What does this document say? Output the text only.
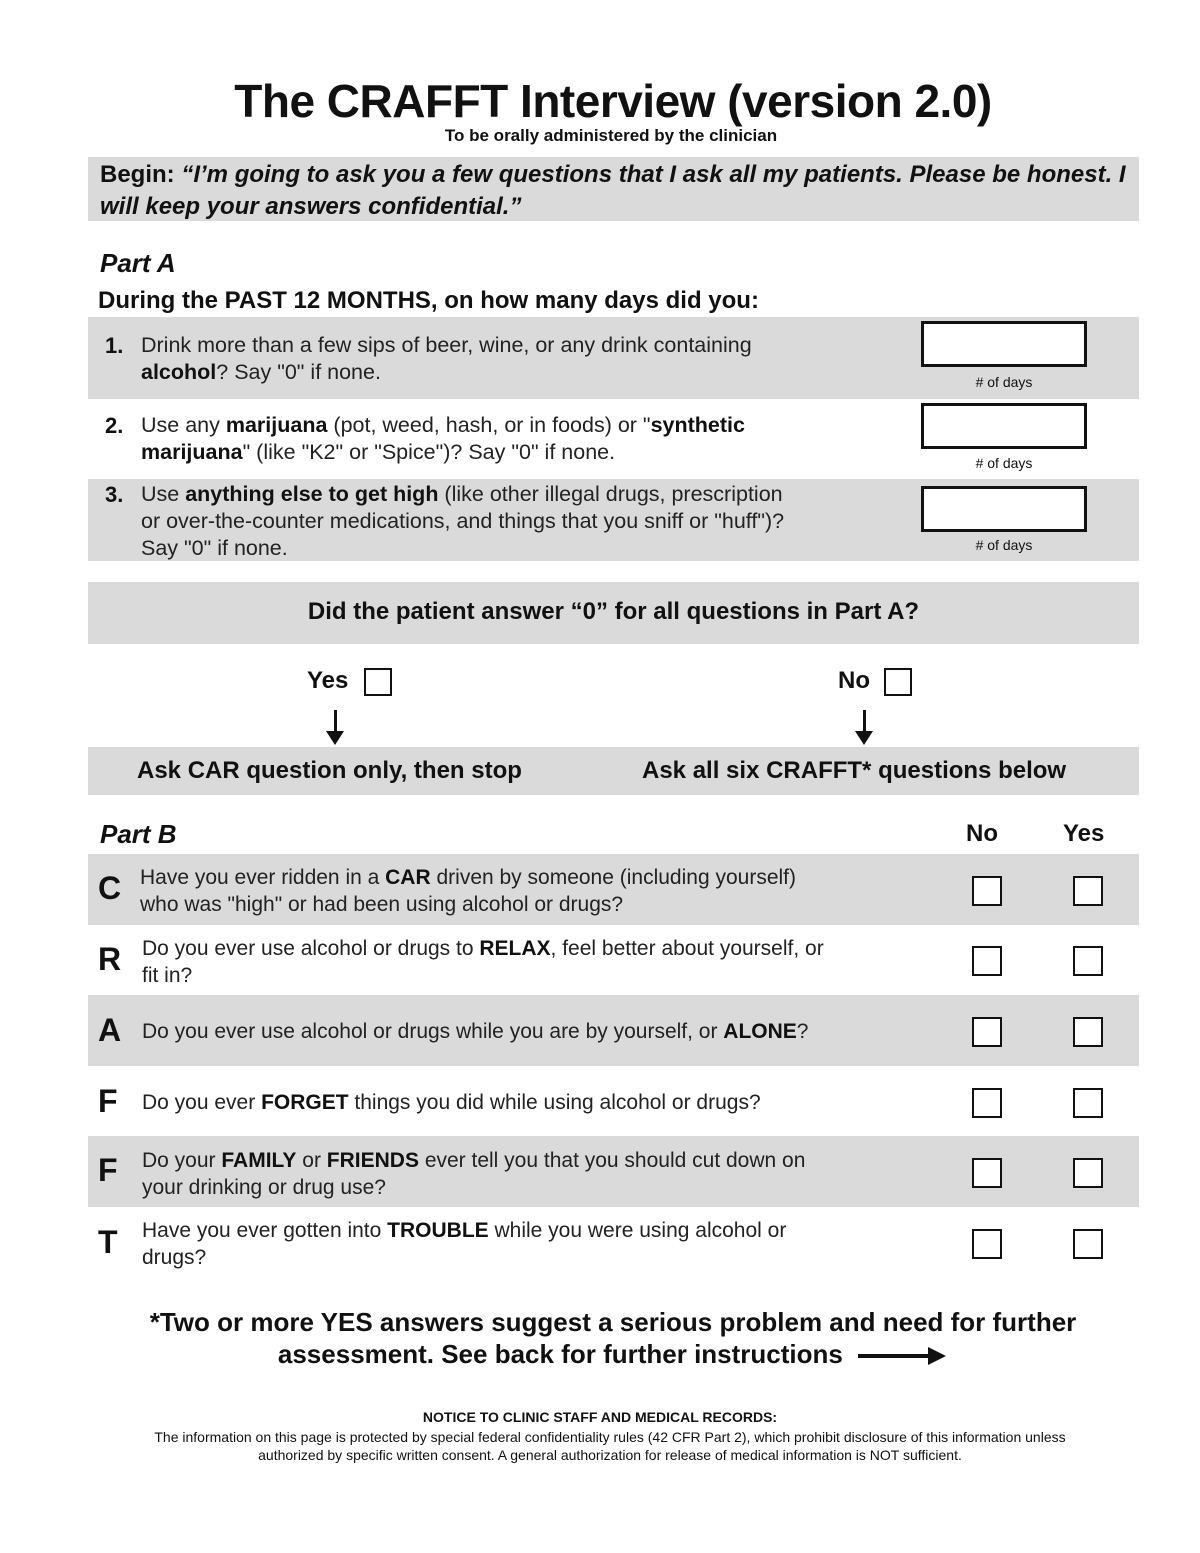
The CRAFFT Interview (version 2.0)
To be orally administered by the clinician
Begin: “I’m going to ask you a few questions that I ask all my patients. Please be honest. I will keep your answers confidential.”
Part A
During the PAST 12 MONTHS, on how many days did you:
1. Drink more than a few sips of beer, wine, or any drink containing
alcohol? Say "0" if none.	# of days
2. Use any marijuana (pot, weed, hash, or in foods) or "synthetic
marijuana" (like "K2" or "Spice")? Say "0" if none.	# of days
3. Use anything else to get high (like other illegal drugs, prescription
or over-the-counter medications, and things that you sniff or "huff")?
Say "0" if none.	# of days
Did the patient answer “0” for all questions in Part A?
Yes	No
Ask CAR question only, then stop	Ask all six CRAFFT* questions below
Part B	No	Yes
C Have you ever ridden in a CAR driven by someone (including yourself)
who was "high" or had been using alcohol or drugs?
R Do you ever use alcohol or drugs to RELAX, feel better about yourself, or
fit in?
A Do you ever use alcohol or drugs while you are by yourself, or ALONE?
F Do you ever FORGET things you did while using alcohol or drugs?
F Do your FAMILY or FRIENDS ever tell you that you should cut down on
your drinking or drug use?
T Have you ever gotten into TROUBLE while you were using alcohol or
drugs?
*Two or more YES answers suggest a serious problem and need for further
assessment. See back for further instructions
NOTICE TO CLINIC STAFF AND MEDICAL RECORDS:
The information on this page is protected by special federal confidentiality rules (42 CFR Part 2), which prohibit disclosure of this information unless
authorized by specific written consent. A general authorization for release of medical information is NOT sufficient.
